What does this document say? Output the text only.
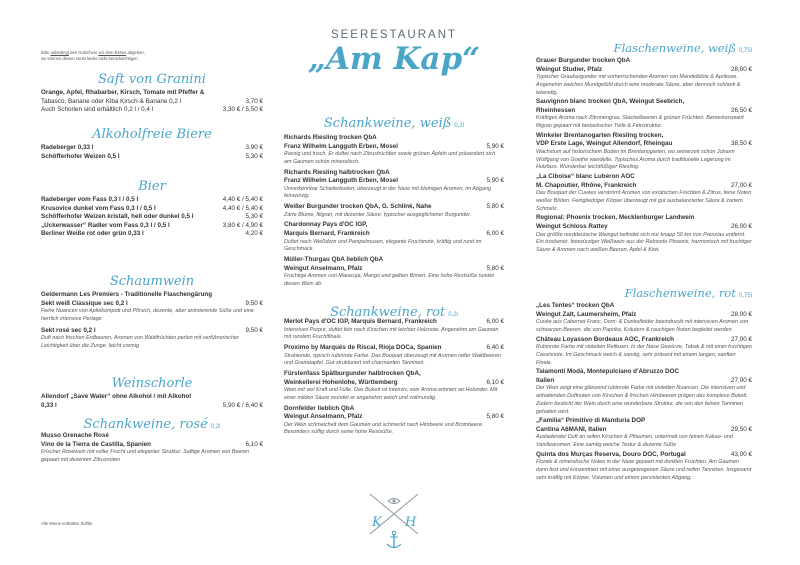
Bitte unbedingt den Gutschein vor dem Essen abgeben,
wo können diesen sonst leider nicht berücksichtigen.
SEERESTAURANT
„Am Kap“
Saft von Granini
Orange, Apfel, Rhabarber, Kirsch, Tomate mit Pfeffer &
Tabasco, Banane oder Kiba Kirsch-& Banane 0,2 l	3,70 €
Auch Schorlen sind erhältlich 0,2 l / 0,4 l	3,30 € / 5,50 €
Alkoholfreie Biere
Radeberger 0,33 l	3,90 €
Schöfferhofer Weizen 0,5 l	5,30 €
Bier
Radeberger vom Fass 0,3 l / 0,5 l	4,40 € / 5,40 €
Krusovice dunkel vom Fass 0,3 l / 0,5 l	4,40 € / 5,40 €
Schöfferhofer Weizen kristall, hell oder dunkel 0,5 l	5,30 €
„Uckerwasser“ Radler vom Fass 0,3 l / 0,5 l	3,80 € / 4,90 €
Berliner Weiße rot oder grün 0,33 l	4,20 €
Schaumwein
Geldermann Les Premiers - Traditionelle Flaschengärung
Sekt weiß Classique sec 0,2 l	9,50 €
Feine Nuancen von Apfelkompott und Pfirsich, dezente, aber animierende Süße und eine herrlich intensive Perlage
Sekt rosé sec 0,2 l	9,50 €
Duft nach frischen Erdbeeren, Aromen von Waldfrüchten perlen mit verführerischer Leichtigkeit über die Zunge, leicht cremig
Weinschorle
Allendorf „Save Water“ ohne Alkohol / mit Alkohol
0,33 l	5,90 € / 6,40 €
Schankweine, rosé 0,2l
Musso Grenache Rosé
Vino de la Tierra de Castilla, Spanien	6,10 €
Frischer Roséwein mit voller Frucht und eleganter Struktur. Saftige Aromen von Beeren gepaart mit dezenten Zitrusnoten
Schankweine, weiß 0,2l
Richards Riesling trocken QbA
Franz Wilhelm Langguth Erben, Mosel	5,90 €
Rassig und frisch. Er duftet nach Zitrusfrüchten sowie grünen Äpfeln und präsentiert sich am Gaumen schön mineralisch.
Richards Riesling halbtrocken QbA
Franz Wilhelm Langguth Erben, Mosel	5,90 €
Unverkennbar Schieferboden, überzeugt in der Nase mit blumigen Aromen, im Abgang feinwürzig.
Weißer Burgunder trocken QbA, G. Schlink, Nahe	5,80 €
Zarte Blume, filigran, mit dezenter Säure, typischer ausgeglichener Burgunder.
Chardonnay Pays d'OC IGP,
Marquis Bernard, Frankreich	6,00 €
Duftet nach Weißdorn und Pampelmusen, elegante Fruchtnote, kräftig und rund im Geschmack.
Müller-Thurgau QbA lieblich QbA
Weingut Anselmann, Pfalz	5,80 €
Fruchtige Aromen von Maracuja, Mango und gelben Birnen. Eine hohe Restsüße rundet diesen Wein ab.
Schankweine, rot 0,2l
Merlot Pays d'OC IGP, Marquis Bernard, Frankreich	6,00 €
Intensives Purpur, duftet fein nach Kirschen mit leichter Holznote. Angenehm am Gaumen mit rundem Fruchtfinale.
Proximo by Marqués de Riscal, Rioja DOCa, Spanien	6,40 €
Strahlende, typisch rubinrote Farbe. Das Bouquet überzeugt mit Aromen reifer Waldbeeren und Granatapfel. Gut strukturiert mit charmanten Tanninen.
Fürstenfass Spätburgunder halbtrocken QbA,
Weinkellerei Hohenlohe, Württemberg	6,10 €
Wein mit viel Kraft und Fülle. Das Bukett ist intensiv, sein Aroma erinnert an Holunder. Mit einer milden Säure mundet er angenehm weich und vollmundig.
Dornfelder lieblich QbA
Weingut Anselmann, Pfalz	5,80 €
Der Wein schmeichelt dem Gaumen und schmeckt nach Himbeere und Brombeere. Besonders süffig durch seine hohe Restsüße.
Flaschenweine, weiß 0,75l
Grauer Burgunder trocken QbA
Weingut Studier, Pfalz	28,00 €
Typischer Grauburgunder mit vorherrschenden Aromen von Mandelblüte & Aprikose. Angenehm weiches Mundgefühl durch eine moderate Säure, aber dennoch schlank & lebendig.
Sauvignon blanc trocken QbA, Weingut Seebrich,
Rheinhessen	26,50 €
Kräftiges Aroma nach Zitronengras, Stachelbeeren & grünen Früchten. Bemerkenswert filigran gepaart mit fantastischer Tiefe & Feinstruktur.
Winkeler Brentanogarten Riesling trocken,
VDP Erste Lage, Weingut Allendorf, Rheingau	38,50 €
Wachstum auf historischem Boden im Brentanogarten, wo seinerzeit schon Johann Wolfgang von Goethe wandelte. Typisches Aroma durch traditionelle Lagerung im Holzfass. Wunderbar leichtfüßiger Riesling.
„La Ciboise“ blanc Lubéron AOC
M. Chapoutier, Rhône, Frankreich	27,00 €
Das Bouquet der Cuvées verströmt Aromen von exotischen Früchten & Zitrus, feine Noten weißer Blüten. Feingliedriger Körper überzeugt mit gut ausbalancierter Säure & zartem Schmelz.
Regional: Phoenix trocken, Mecklenburger Landwein
Weingut Schloss Rattey	26,00 €
Das größte norddeutsche Weingut befindet sich nur knapp 50 km von Prenzlau entfernt. Ein trockener, feinwürziger Weißwein aus der Rebsorte Phoenix, harmonisch mit fruchtiger Säure & Aromen nach weißen Beeren, Apfel & Kiwi.
Flaschenweine, rot 0,75l
„Les Tentes“ trocken QbA
Weingut Zalt, Laumersheim, Pfalz	28,00 €
Cuvée aus Cabernet Franc, Dorn- & Dunkelfelder beeindruckt mit intensiven Aromen von schwarzen Beeren, die von Paprika, Kräutern & rauchigen Noten begleitet werden.
Château Loyasson Bordeaux AOC, Frankreich	27,00 €
Rubinrote Farbe mit violetten Reflexen. In der Nase Gewürze, Tabak & mit einer fruchtigen Cassisnote. Im Geschmack weich & samtig, sehr präsent mit einem langen, sanften Finale.
Talamonti Modà, Montepulciano d'Abruzzo DOC
Italien	27,00 €
Der Wein zeigt eine glänzend rubinrote Farbe mit violetten Nuancen. Die intensiven und anhaltenden Duftnoten von Kirschen & frischen Himbeeren prägen das komplexe Bukett. Zudem besticht der Wein durch eine wunderbare Struktur, die von den feinen Tanninen gehalten wird.
„Familia“ Primitivo di Manduria DOP
Cantina A6MANI, Italien	29,50 €
Ausladender Duft an reifen Kirschen & Pflaumen, untermalt von feinen Kakao- und Vanillearomen. Eine samtig weiche Textur & dezente Süße
Quinta dos Murças Reserva, Douro DOC, Portugal	43,00 €
Florale & mineralische Noten in der Nase gepaart mit dunklen Früchten. Am Gaumen dann fest und konzentriert mit einer ausgewogenen Säure und reifen Tanninen. Insgesamt sehr kräftig mit Körper, Volumen und einem persistenten Abgang.
K H
Alle Weine enthalten Sulfite.
